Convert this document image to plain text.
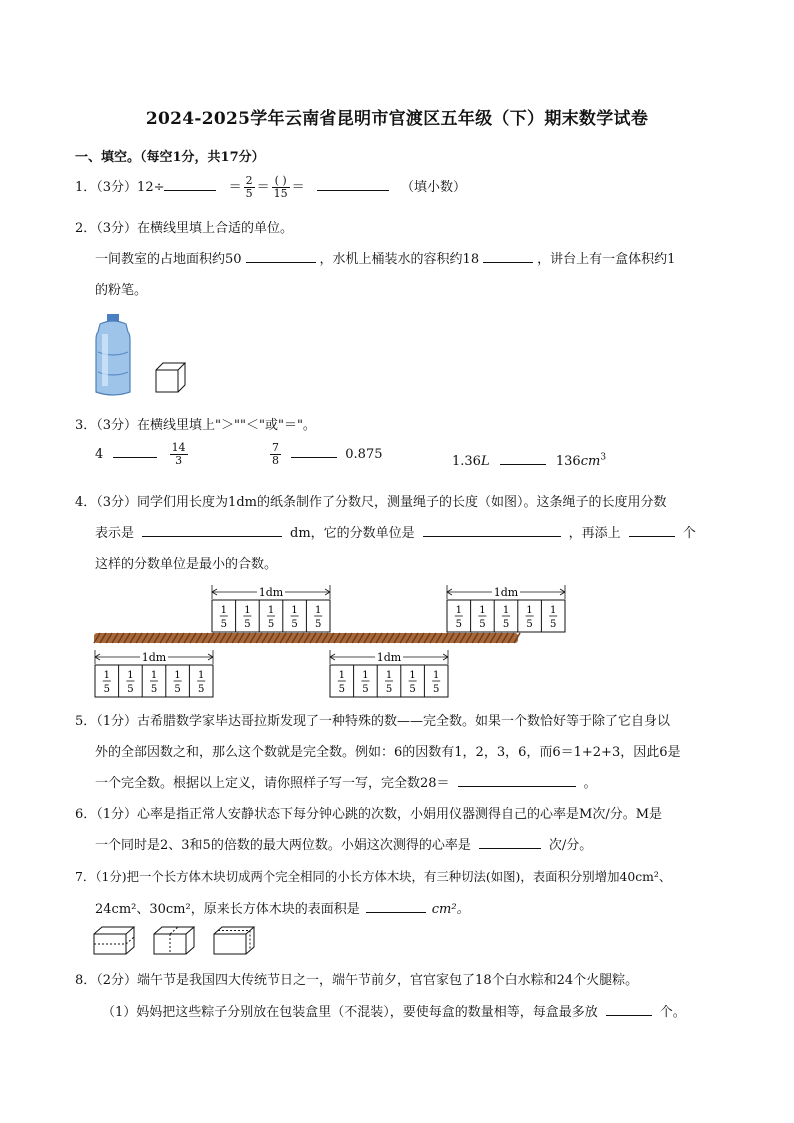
2024-2025学年云南省昆明市官渡区五年级（下）期末数学试卷
一、填空。（每空1分，共17分）
1．（3分）12÷	＝ $\frac{2}{5} = \frac{( )}{15}$ ＝	（填小数）
2．（3分）在横线里填上合适的单位。
一间教室的占地面积约50	，水机上桶装水的容积约18	，讲台上有一盒体积约1
的粉笔。
3．（3分）在横线里填上"＞""＜"或"＝"。
4	$\frac{14}{3}$	$\frac{7}{8}$	0.875	1.36L	$136cm^3$
4．（3分）同学们用长度为1dm的纸条制作了分数尺，测量绳子的长度（如图）。这条绳子的长度用分数
表示是	dm，它的分数单位是	，再添上	个
这样的分数单位是最小的合数。
1dm
1
5
1
5
1
5
1
5
1
5
1dm
1
5
1
5
1
5
1
5
1
5
1dm
1
5
1
5
1
5
1
5
1
5
1dm
1
5
1
5
1
5
1
5
1
5
5．（1分）古希腊数学家毕达哥拉斯发现了一种特殊的数——完全数。如果一个数恰好等于除了它自身以
外的全部因数之和，那么这个数就是完全数。例如：6的因数有1，2，3，6，而6＝1+2+3，因此6是
一个完全数。根据以上定义，请你照样子写一写，完全数28＝	。
6．（1分）心率是指正常人安静状态下每分钟心跳的次数，小娟用仪器测得自己的心率是M次/分。M是
一个同时是2、3和5的倍数的最大两位数。小娟这次测得的心率是	次/分。
7．（1分)把一个长方体木块切成两个完全相同的小长方体木块，有三种切法(如图)，表面积分别增加40cm²、
24cm²、30cm²，原来长方体木块的表面积是	cm²。
8．（2分）端午节是我国四大传统节日之一，端午节前夕，官官家包了18个白水粽和24个火腿粽。
（1）妈妈把这些粽子分别放在包装盒里（不混装），要使每盒的数量相等，每盒最多放	个。
